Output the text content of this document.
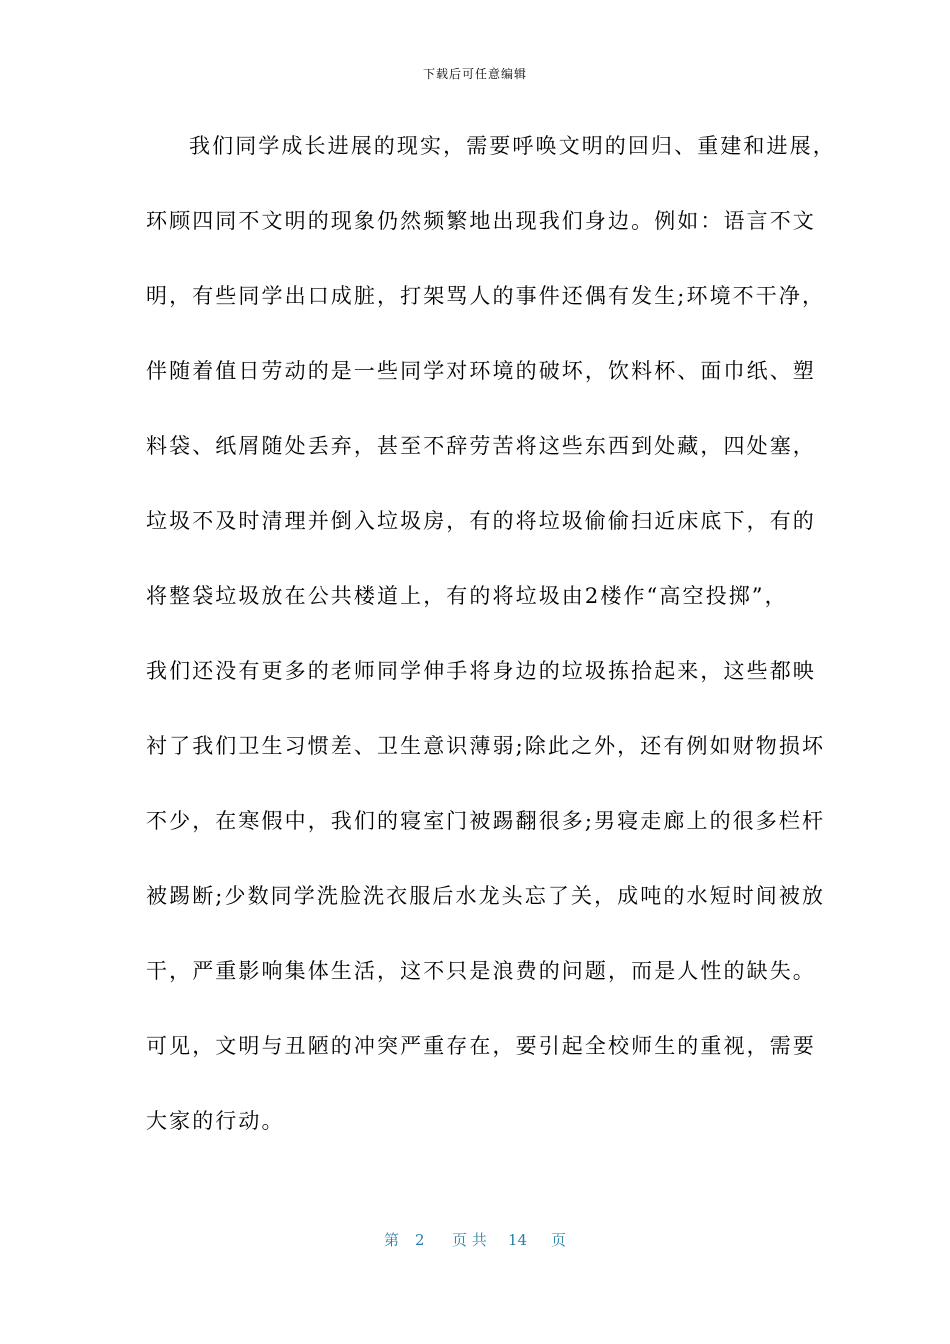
下载后可任意编辑
我们同学成长进展的现实，需要呼唤文明的回归、重建和进展，
环顾四同不文明的现象仍然频繁地出现我们身边。例如：语言不文
明，有些同学出口成脏，打架骂人的事件还偶有发生;环境不干净，
伴随着值日劳动的是一些同学对环境的破坏，饮料杯、面巾纸、塑
料袋、纸屑随处丢弃，甚至不辞劳苦将这些东西到处藏，四处塞，
垃圾不及时清理并倒入垃圾房，有的将垃圾偷偷扫近床底下，有的
将整袋垃圾放在公共楼道上，有的将垃圾由2楼作“高空投掷”，
我们还没有更多的老师同学伸手将身边的垃圾拣拾起来，这些都映
衬了我们卫生习惯差、卫生意识薄弱;除此之外，还有例如财物损坏
不少，在寒假中，我们的寝室门被踢翻很多;男寝走廊上的很多栏杆
被踢断;少数同学洗脸洗衣服后水龙头忘了关，成吨的水短时间被放
干，严重影响集体生活，这不只是浪费的问题，而是人性的缺失。
可见，文明与丑陋的冲突严重存在，要引起全校师生的重视，需要
大家的行动。
第 2 页 共 14 页
